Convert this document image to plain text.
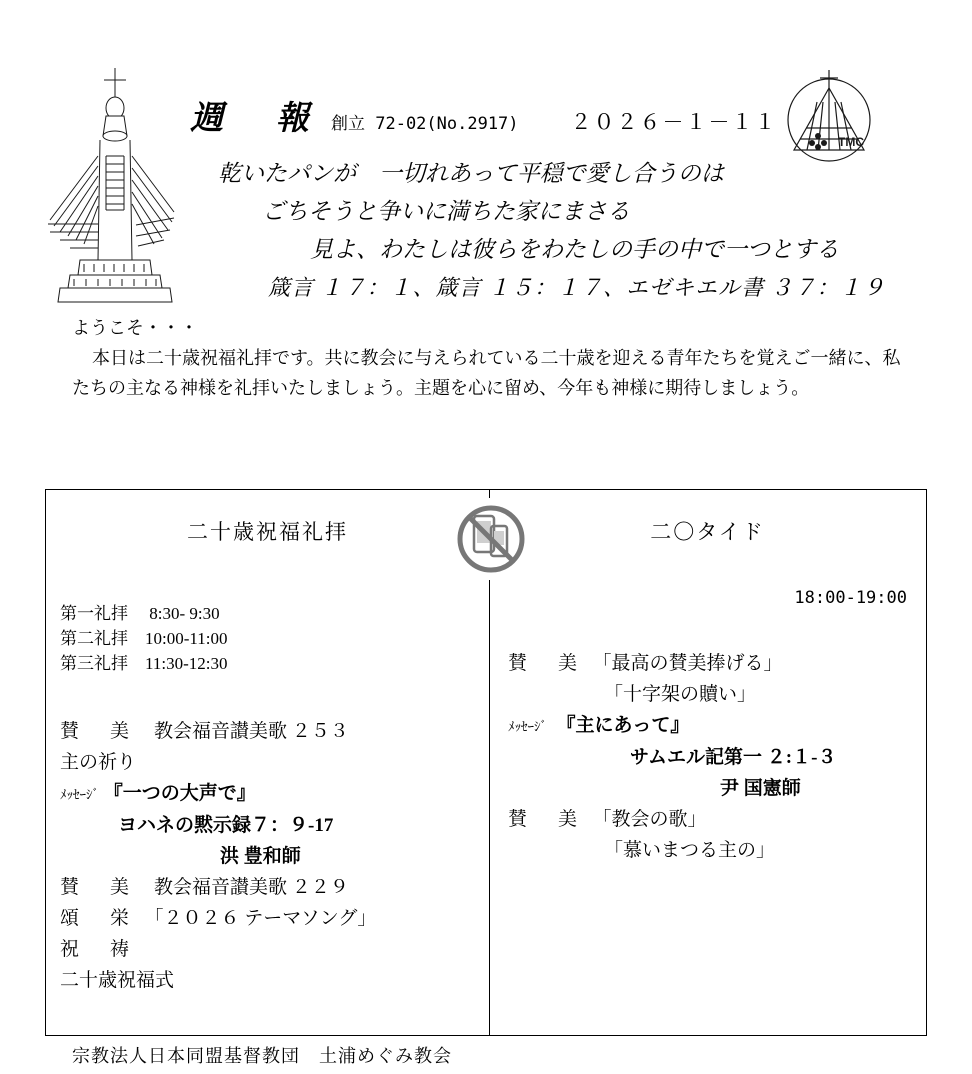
TMC
週　報 創立 72-02(No.2917) ２０２６－１－１１
乾いたパンが　一切れあって平穏で愛し合うのは
ごちそうと争いに満ちた家にまさる
見よ、わたしは彼らをわたしの手の中で一つとする
箴言 １７：１、箴言 １５：１７、エゼキエル書 ３７：１９
ようこそ・・・
本日は二十歳祝福礼拝です。共に教会に与えられている二十歳を迎える青年たちを覚えご一緒に、私たちの主なる神様を礼拝いたしましょう。主題を心に留め、今年も神様に期待しましょう。
二十歳祝福礼拝
第一礼拝　 8:30- 9:30
第二礼拝　10:00-11:00
第三礼拝　11:30-12:30
賛　美　 教会福音讃美歌 ２５３
主の祈り
ﾒｯｾｰｼﾞ 『一つの大声で』
ヨハネの黙示録７：９-17
洪 豊和師
賛　美　 教会福音讃美歌 ２２９
頌　栄　 「２０２６ テーマソング」
祝　祷
二十歳祝福式
二〇タイド
18:00-19:00
賛　美　 「最高の賛美捧げる」
「十字架の贖い」
ﾒｯｾｰｼﾞ　 『主にあって』
サムエル記第一 ２:１-３
尹 国憲師
賛　美　 「教会の歌」
「慕いまつる主の」
宗教法人日本同盟基督教団　土浦めぐみ教会
